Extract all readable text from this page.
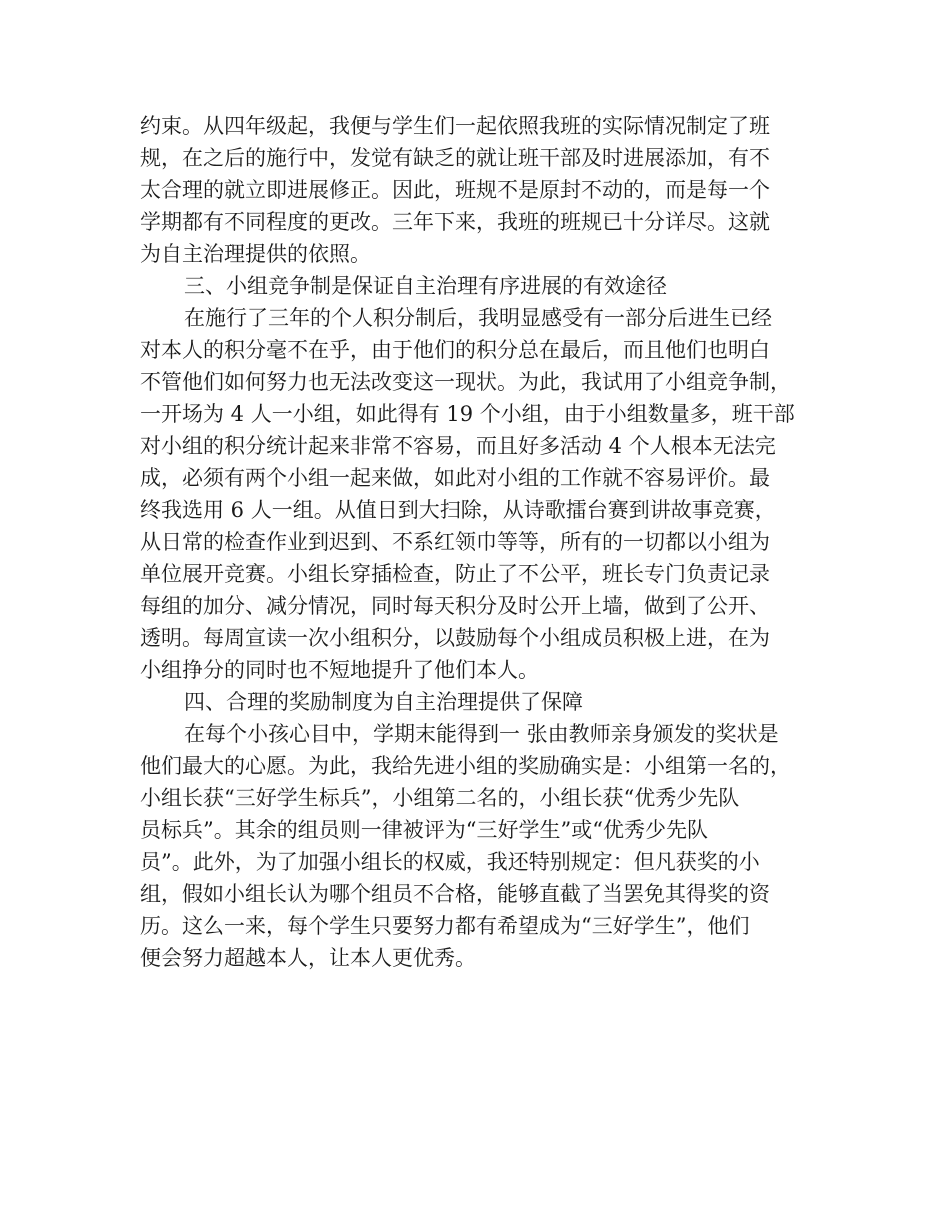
约束。从四年级起，我便与学生们一起依照我班的实际情况制定了班
规，在之后的施行中，发觉有缺乏的就让班干部及时进展添加，有不
太合理的就立即进展修正。因此，班规不是原封不动的，而是每一个
学期都有不同程度的更改。三年下来，我班的班规已十分详尽。这就
为自主治理提供的依照。
三、小组竞争制是保证自主治理有序进展的有效途径
在施行了三年的个人积分制后，我明显感受有一部分后进生已经
对本人的积分毫不在乎，由于他们的积分总在最后，而且他们也明白
不管他们如何努力也无法改变这一现状。为此，我试用了小组竞争制，
一开场为 4 人一小组，如此得有 19 个小组，由于小组数量多，班干部
对小组的积分统计起来非常不容易，而且好多活动 4 个人根本无法完
成，必须有两个小组一起来做，如此对小组的工作就不容易评价。最
终我选用 6 人一组。从值日到大扫除，从诗歌擂台赛到讲故事竞赛，
从日常的检查作业到迟到、不系红领巾等等，所有的一切都以小组为
单位展开竞赛。小组长穿插检查，防止了不公平，班长专门负责记录
每组的加分、减分情况，同时每天积分及时公开上墙，做到了公开、
透明。每周宣读一次小组积分，以鼓励每个小组成员积极上进，在为
小组挣分的同时也不短地提升了他们本人。
四、合理的奖励制度为自主治理提供了保障
在每个小孩心目中，学期末能得到一 张由教师亲身颁发的奖状是
他们最大的心愿。为此，我给先进小组的奖励确实是：小组第一名的，
小组长获“三好学生标兵”，小组第二名的，小组长获“优秀少先队
员标兵”。其余的组员则一律被评为“三好学生”或“优秀少先队
员”。此外，为了加强小组长的权威，我还特别规定：但凡获奖的小
组，假如小组长认为哪个组员不合格，能够直截了当罢免其得奖的资
历。这么一来，每个学生只要努力都有希望成为“三好学生”，他们
便会努力超越本人，让本人更优秀。
